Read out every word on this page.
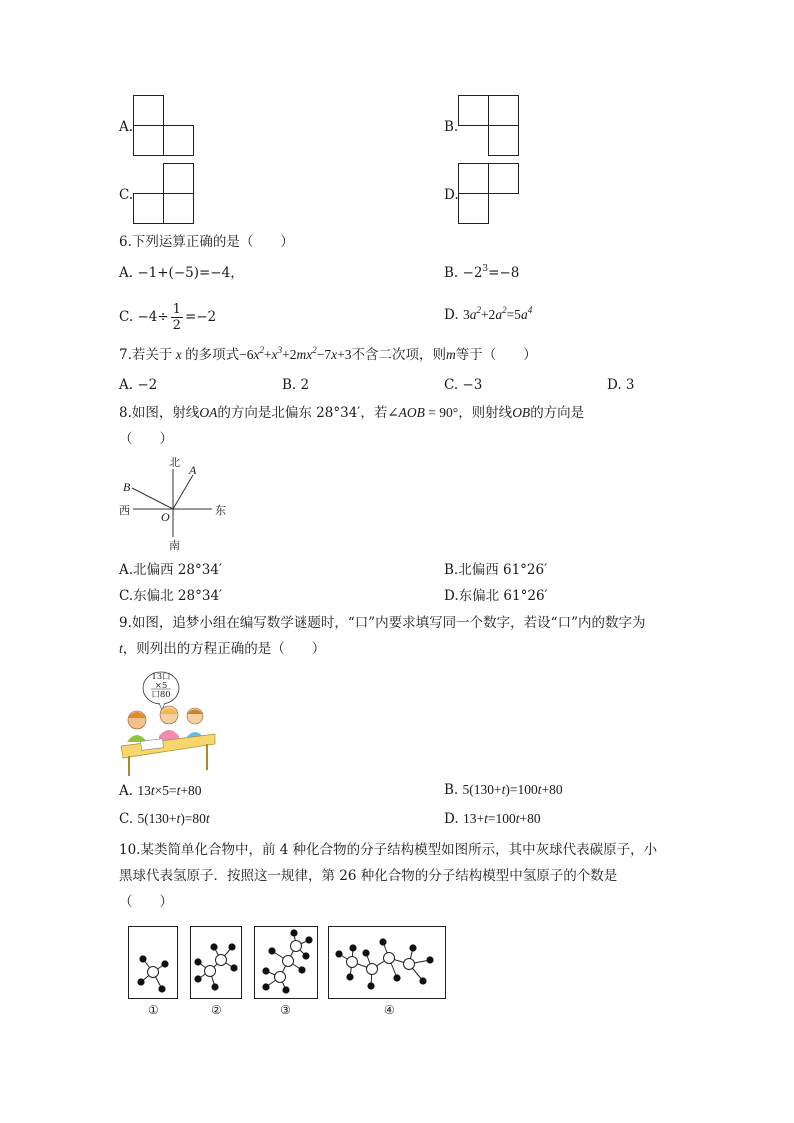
A.	B.
C.	D.
6.下列运算正确的是（　　）
A. −1+(−5)=−4，	B. $-2^3=-8$
C. $-4\div \frac{1}{2} =-2$	D. $3a^2+2a^2=5a^4$
7.若关于 x 的多项式$-6x^2+x^3+2mx^2-7x+3$不含二次项，则m等于（　　）
A. −2	B. 2	C. −3	D. 3
8.如图，射线OA的方向是北偏东 28°34′，若∠AOB = 90°，则射线OB的方向是
（　　）
北
A
B
西	O	东
南
A.北偏西 28°34′	B.北偏西 61°26′
C.东偏北 28°34′	D.东偏北 61°26′
9.如图，追梦小组在编写数学谜题时，“口”内要求填写同一个数字，若设“口”内的数字为
t，则列出的方程正确的是（　　）
13口
×5
口80
A. 13t×5=t+80	B. 5(130+t)=100t+80
C. 5(130+t)=80t	D. 13+t=100t+80
10.某类简单化合物中，前 4 种化合物的分子结构模型如图所示，其中灰球代表碳原子，小
黑球代表氢原子．按照这一规律，第 26 种化合物的分子结构模型中氢原子的个数是
（　　）
①	②	③	④
